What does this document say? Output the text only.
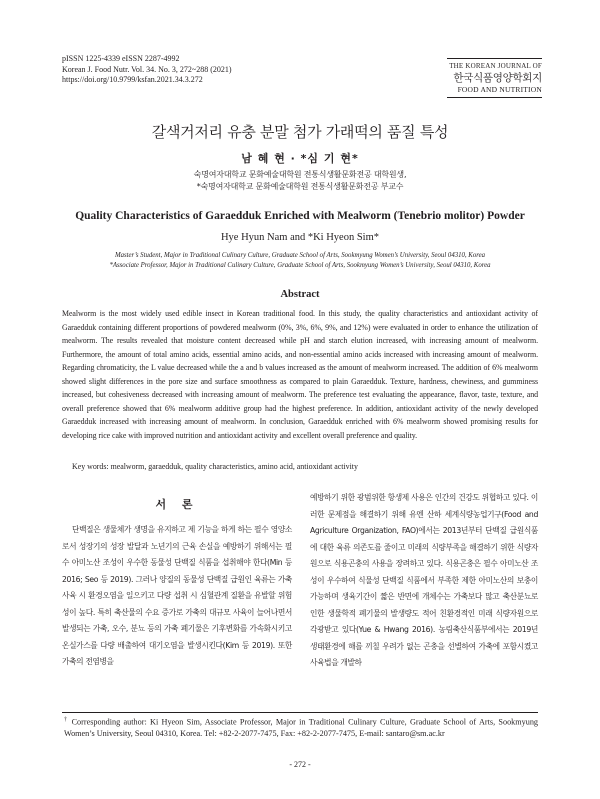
pISSN 1225-4339 eISSN 2287-4992
Korean J. Food Nutr. Vol. 34. No. 3, 272~288 (2021)
https://doi.org/10.9799/ksfan.2021.34.3.272
THE KOREAN JOURNAL OF
한국식품영양학회지
FOOD AND NUTRITION
갈색거저리 유충 분말 첨가 가래떡의 품질 특성
남 혜 현 · *심 기 현*
숙명여자대학교 문화예술대학원 전통식생활문화전공 대학원생,
*숙명여자대학교 문화예술대학원 전통식생활문화전공 부교수
Quality Characteristics of Garaedduk Enriched with Mealworm (Tenebrio molitor) Powder
Hye Hyun Nam and *Ki Hyeon Sim*
Master’s Student, Major in Traditional Culinary Culture, Graduate School of Arts, Sookmyung Women’s University, Seoul 04310, Korea
*Associate Professor, Major in Traditional Culinary Culture, Graduate School of Arts, Sookmyung Women’s University, Seoul 04310, Korea
Abstract
Mealworm is the most widely used edible insect in Korean traditional food. In this study, the quality characteristics and antioxidant activity of Garaedduk containing different proportions of powdered mealworm (0%, 3%, 6%, 9%, and 12%) were evaluated in order to enhance the utilization of mealworm. The results revealed that moisture content decreased while pH and starch elution increased, with increasing amount of mealworm. Furthermore, the amount of total amino acids, essential amino acids, and non-essential amino acids increased with increasing amount of mealworm. Regarding chromaticity, the L value decreased while the a and b values increased as the amount of mealworm increased. The addition of 6% mealworm showed slight differences in the pore size and surface smoothness as compared to plain Garaedduk. Texture, hardness, chewiness, and gumminess increased, but cohesiveness decreased with increasing amount of mealworm. The preference test evaluating the appearance, flavor, taste, texture, and overall preference showed that 6% mealworm additive group had the highest preference. In addition, antioxidant activity of the newly developed Garaedduk increased with increasing amount of mealworm. In conclusion, Garaedduk enriched with 6% mealworm showed promising results for developing rice cake with improved nutrition and antioxidant activity and excellent overall preference and quality.
Key words: mealworm, garaedduk, quality characteristics, amino acid, antioxidant activity
서 론
단백질은 생물체가 생명을 유지하고 제 기능을 하게 하는 필수 영양소로서 성장기의 성장 발달과 노년기의 근육 손실을 예방하기 위해서는 필수 아미노산 조성이 우수한 동물성 단백질 식품을 섭취해야 한다(Min 등 2016; Seo 등 2019). 그러나 양질의 동물성 단백질 급원인 육류는 가축 사육 시 환경오염을 일으키고 다량 섭취 시 심혈관계 질환을 유발할 위험성이 높다. 특히 축산물의 수요 증가로 가축의 대규모 사육이 늘어나면서 발생되는 가축, 오수, 분뇨 등의 가축 폐기물은 기후변화를 가속화시키고 온실가스를 다량 배출하여 대기오염을 발생시킨다(Kim 등 2019). 또한 가축의 전염병을
예방하기 위한 광범위한 항생제 사용은 인간의 건강도 위협하고 있다. 이러한 문제점을 해결하기 위해 유엔 산하 세계식량농업기구(Food and Agriculture Organization, FAO)에서는 2013년부터 단백질 급원식품에 대한 육류 의존도를 줄이고 미래의 식량부족을 해결하기 위한 식량자원으로 식용곤충의 사용을 장려하고 있다. 식용곤충은 필수 아미노산 조성이 우수하여 식물성 단백질 식품에서 부족한 제한 아미노산의 보충이 가능하며 생육기간이 짧은 반면에 개체수는 가축보다 많고 축산분뇨로 인한 생물학적 폐기물의 발생량도 적어 친환경적인 미래 식량자원으로 각광받고 있다(Yue & Hwang 2016). 농림축산식품부에서는 2019년 생태환경에 해를 끼칠 우려가 없는 곤충을 선별하여 가축에 포함시켰고 사육법을 개발하
† Corresponding author: Ki Hyeon Sim, Associate Professor, Major in Traditional Culinary Culture, Graduate School of Arts, Sookmyung Women’s University, Seoul 04310, Korea. Tel: +82-2-2077-7475, Fax: +82-2-2077-7475, E-mail: santaro@sm.ac.kr
- 272 -
